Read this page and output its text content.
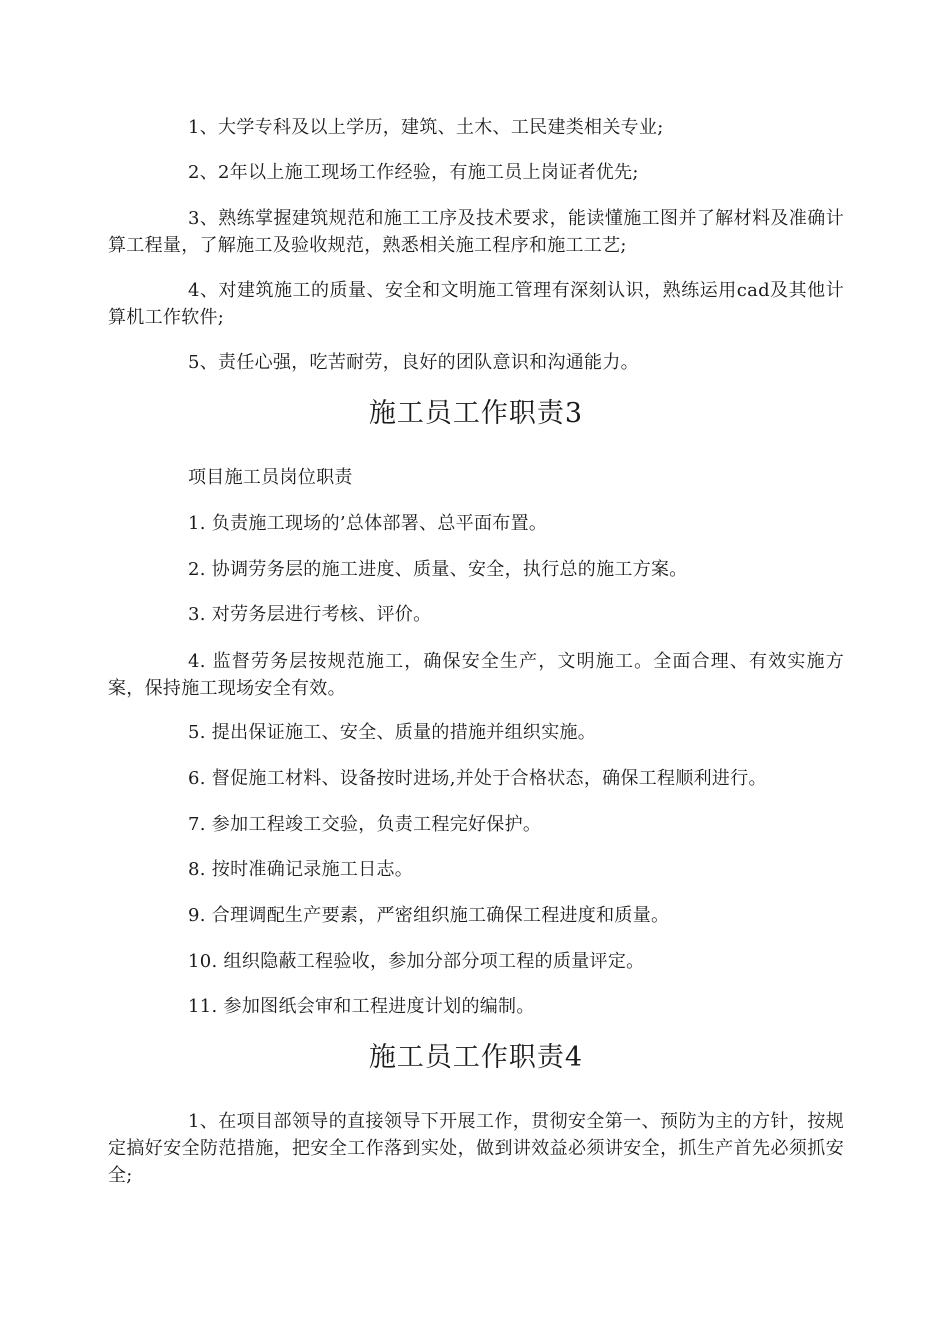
1、大学专科及以上学历，建筑、土木、工民建类相关专业;

2、2年以上施工现场工作经验，有施工员上岗证者优先;

3、熟练掌握建筑规范和施工工序及技术要求，能读懂施工图并了解材料及准确计算工程量，了解施工及验收规范，熟悉相关施工程序和施工工艺;

4、对建筑施工的质量、安全和文明施工管理有深刻认识，熟练运用cad及其他计算机工作软件;

5、责任心强，吃苦耐劳，良好的团队意识和沟通能力。

施工员工作职责3

项目施工员岗位职责

1. 负责施工现场的’总体部署、总平面布置。

2. 协调劳务层的施工进度、质量、安全，执行总的施工方案。

3. 对劳务层进行考核、评价。

4. 监督劳务层按规范施工，确保安全生产，文明施工。全面合理、有效实施方案，保持施工现场安全有效。

5. 提出保证施工、安全、质量的措施并组织实施。

6. 督促施工材料、设备按时进场,并处于合格状态，确保工程顺利进行。

7. 参加工程竣工交验，负责工程完好保护。

8. 按时准确记录施工日志。

9. 合理调配生产要素，严密组织施工确保工程进度和质量。

10. 组织隐蔽工程验收，参加分部分项工程的质量评定。

11. 参加图纸会审和工程进度计划的编制。

施工员工作职责4

1、在项目部领导的直接领导下开展工作，贯彻安全第一、预防为主的方针，按规定搞好安全防范措施，把安全工作落到实处，做到讲效益必须讲安全，抓生产首先必须抓安全;
